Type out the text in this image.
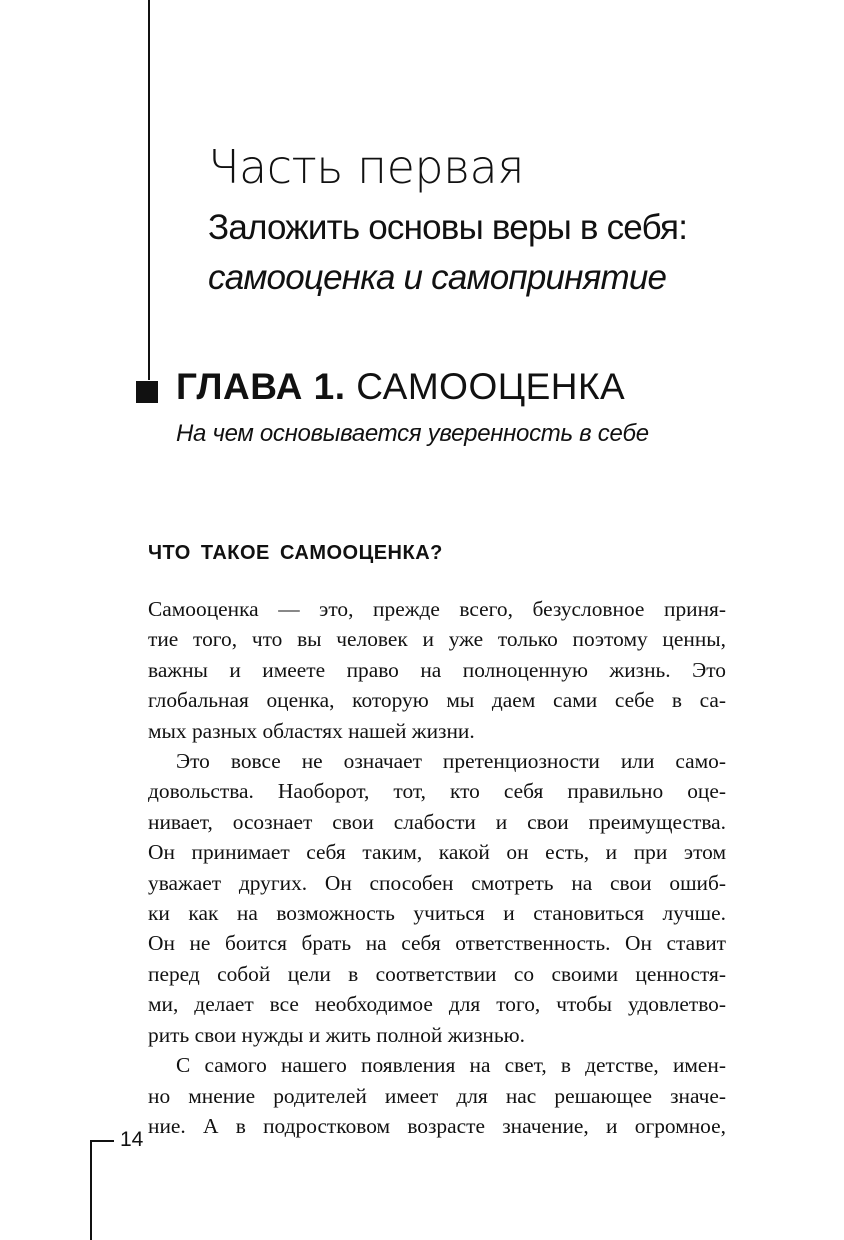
Часть первая
Заложить основы веры в себя:
самооценка и самопринятие
ГЛАВА 1. САМООЦЕНКА
На чем основывается уверенность в себе
ЧТО ТАКОЕ САМООЦЕНКА?

Самооценка — это, прежде всего, безусловное приня-

тие того, что вы человек и уже только поэтому ценны,

важны и имеете право на полноценную жизнь. Это

глобальная оценка, которую мы даем сами себе в са-

мых разных областях нашей жизни.

Это вовсе не означает претенциозности или само-

довольства. Наоборот, тот, кто себя правильно оце-

нивает, осознает свои слабости и свои преимущества.

Он принимает себя таким, какой он есть, и при этом

уважает других. Он способен смотреть на свои ошиб-

ки как на возможность учиться и становиться лучше.

Он не боится брать на себя ответственность. Он ставит

перед собой цели в соответствии со своими ценностя-

ми, делает все необходимое для того, чтобы удовлетво-

рить свои нужды и жить полной жизнью.

С самого нашего появления на свет, в детстве, имен-

но мнение родителей имеет для нас решающее значе-

ние. А в подростковом возрасте значение, и огромное,

14
